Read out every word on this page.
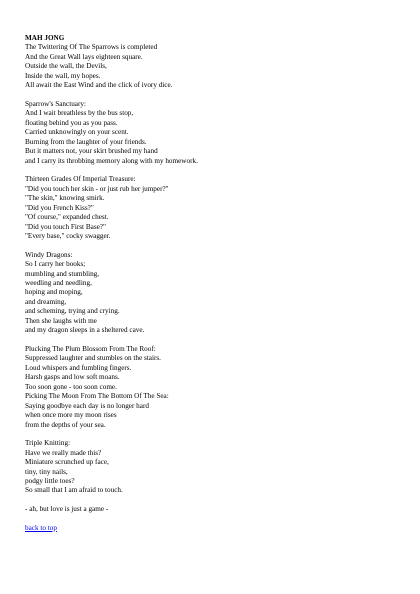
MAH JONG
The Twittering Of The Sparrows is completed
And the Great Wall lays eighteen square.
Outside the wall, the Devils,
Inside the wall, my hopes.
All await the East Wind and the click of ivory dice.
Sparrow's Sanctuary:
And I wait breathless by the bus stop,
floating behind you as you pass.
Carried unknowingly on your scent.
Burning from the laughter of your friends.
But it matters not, your skirt brushed my hand
and I carry its throbbing memory along with my homework.
Thirteen Grades Of Imperial Treasure:
"Did you touch her skin - or just rub her jumper?"
"The skin," knowing smirk.
"Did you French Kiss?"
"Of course," expanded chest.
"Did you touch First Base?"
"Every base," cocky swagger.
Windy Dragons:
So I carry her books;
mumbling and stumbling,
weedling and needling,
hoping and moping,
and dreaming,
and scheming, trying and crying.
Then she laughs with me
and my dragon sleeps in a sheltered cave.
Plucking The Plum Blossom From The Roof:
Suppressed laughter and stumbles on the stairs.
Loud whispers and fumbling fingers.
Harsh gasps and low soft moans.
Too soon gone - too soon come.
Picking The Moon From The Bottom Of The Sea:
Saying goodbye each day is no longer hard
when once more my moon rises
from the depths of your sea.
Triple Knitting:
Have we really made this?
Miniature scrunched up face,
tiny, tiny nails,
podgy little toes?
So small that I am afraid to touch.
- ah, but love is just a game -
back to top
